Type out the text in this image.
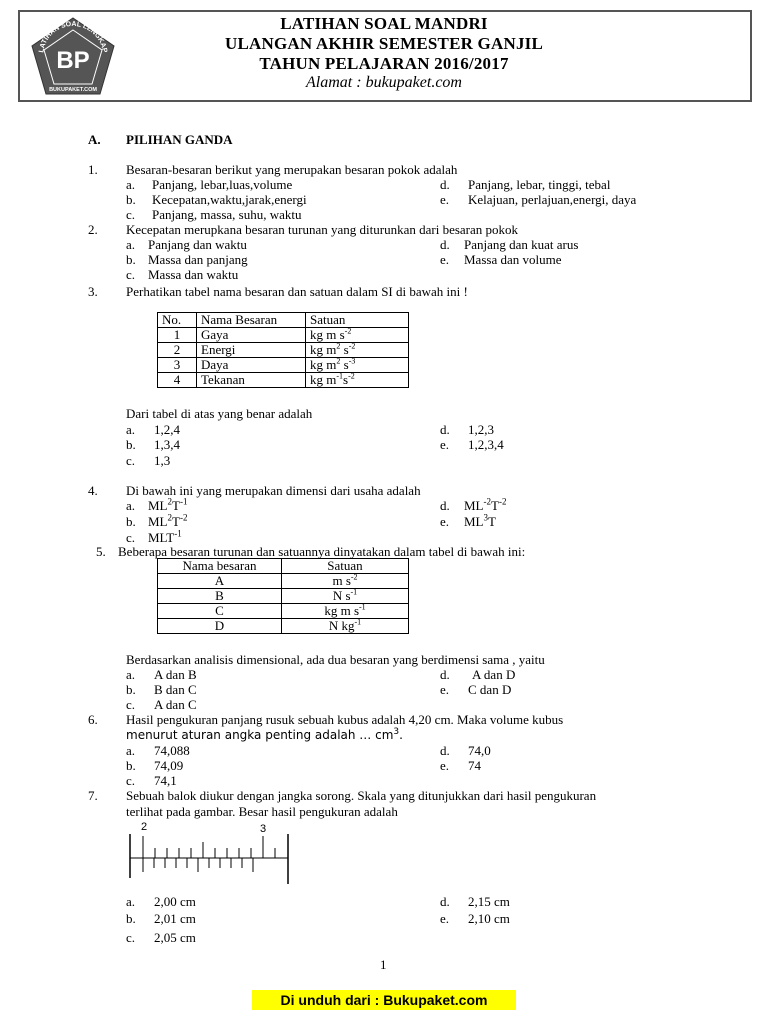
BP
LATIHAN SOAL LENGKAP
BUKUPAKET.COM
LATIHAN SOAL MANDRI
ULANGAN AKHIR SEMESTER GANJIL
TAHUN PELAJARAN 2016/2017
Alamat : bukupaket.com
A. PILIHAN GANDA
1. Besaran-besaran berikut yang merupakan besaran pokok adalah
a. Panjang, lebar,luas,volume
b. Kecepatan,waktu,jarak,energi
c. Panjang, massa, suhu, waktu
d. Panjang, lebar, tinggi, tebal
e. Kelajuan, perlajuan,energi, daya
2. Kecepatan merupkana besaran turunan yang diturunkan dari besaran pokok
a. Panjang dan waktu
b. Massa dan panjang
c. Massa dan waktu
d. Panjang dan kuat arus
e. Massa dan volume
3. Perhatikan tabel nama besaran dan satuan dalam SI di bawah ini !
No.	Nama Besaran	Satuan
1	Gaya	kg m $s^{-2}$
2	Energi	kg $m^2$ $s^{-2}$
3	Daya	kg $m^2$ $s^{-3}$
4	Tekanan	kg $m^{-1}s^{-2}$
Dari tabel di atas yang benar adalah
a. 1,2,4
b. 1,3,4
c. 1,3
d. 1,2,3
e. 1,2,3,4
4. Di bawah ini yang merupakan dimensi dari usaha adalah
a. $ML^2T^{-1}$
b. $ML^2T^{-2}$
c. $MLT^{-1}$
d. $ML^{-2}T^{-2}$
e. $ML^3T$
5. Beberapa besaran turunan dan satuannya dinyatakan dalam tabel di bawah ini:
Nama besaran	Satuan
A	m $s^{-2}$
B	N $s^{-1}$
C	kg m $s^{-1}$
D	N $kg^{-1}$
Berdasarkan analisis dimensional, ada dua besaran yang berdimensi sama , yaitu
a. A dan B
b. B dan C
c. A dan C
d. A dan D
e. C dan D
6. Hasil pengukuran panjang rusuk sebuah kubus adalah 4,20 cm. Maka volume kubus
menurut aturan angka penting adalah … $cm^3$.
a. 74,088
b. 74,09
c. 74,1
d. 74,0
e. 74
7. Sebuah balok diukur dengan jangka sorong. Skala yang ditunjukkan dari hasil pengukuran
terlihat pada gambar. Besar hasil pengukuran adalah
2	3
a. 2,00 cm
b. 2,01 cm
c. 2,05 cm
d. 2,15 cm
e. 2,10 cm
1
Di unduh dari : Bukupaket.com
